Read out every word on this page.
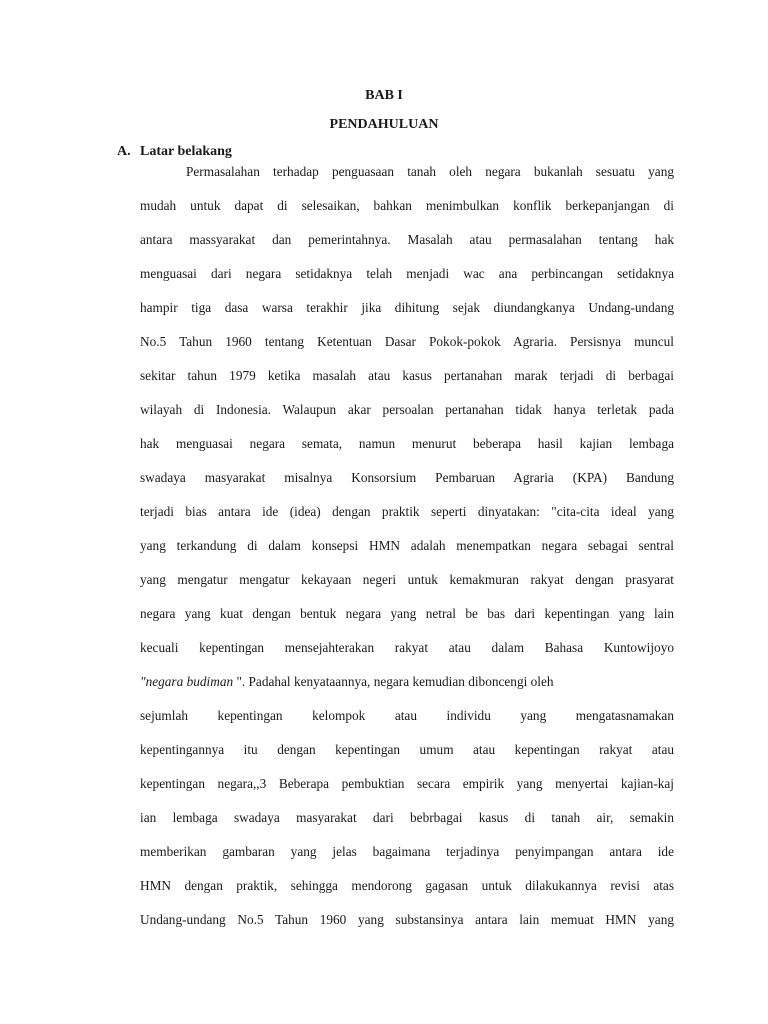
BAB I
PENDAHULUAN
A. Latar belakang
Permasalahan terhadap penguasaan tanah oleh negara bukanlah sesuatu yang
mudah untuk dapat di selesaikan, bahkan menimbulkan konflik berkepanjangan di
antara massyarakat dan pemerintahnya. Masalah atau permasalahan tentang hak
menguasai dari negara setidaknya telah menjadi wac ana perbincangan setidaknya
hampir tiga dasa warsa terakhir jika dihitung sejak diundangkanya Undang-undang
No.5 Tahun 1960 tentang Ketentuan Dasar Pokok-pokok Agraria. Persisnya muncul
sekitar tahun 1979 ketika masalah atau kasus pertanahan marak terjadi di berbagai
wilayah di Indonesia. Walaupun akar persoalan pertanahan tidak hanya terletak pada
hak menguasai negara semata, namun menurut beberapa hasil kajian lembaga
swadaya masyarakat misalnya Konsorsium Pembaruan Agraria (KPA) Bandung
terjadi bias antara ide (idea) dengan praktik seperti dinyatakan: "cita-cita ideal yang
yang terkandung di dalam konsepsi HMN adalah menempatkan negara sebagai sentral
yang mengatur mengatur kekayaan negeri untuk kemakmuran rakyat dengan prasyarat
negara yang kuat dengan bentuk negara yang netral be bas dari kepentingan yang lain
kecuali kepentingan mensejahterakan rakyat atau dalam Bahasa Kuntowijoyo
"negara budiman ". Padahal kenyataannya, negara kemudian diboncengi oleh
sejumlah kepentingan kelompok atau individu yang mengatasnamakan
kepentingannya itu dengan kepentingan umum atau kepentingan rakyat atau
kepentingan negara,,3 Beberapa pembuktian secara empirik yang menyertai kajian-kaj
ian lembaga swadaya masyarakat dari bebrbagai kasus di tanah air, semakin
memberikan gambaran yang jelas bagaimana terjadinya penyimpangan antara ide
HMN dengan praktik, sehingga mendorong gagasan untuk dilakukannya revisi atas
Undang-undang No.5 Tahun 1960 yang substansinya antara lain memuat HMN yang
